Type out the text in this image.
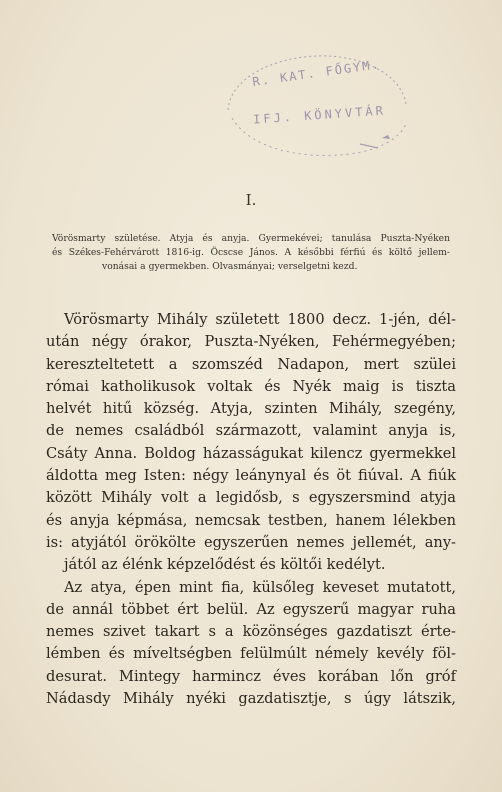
R. KAT. FŐGYM.
IFJ. KÖNYVTÁR
I.
Vörösmarty születése. Atyja és anyja. Gyermekévei; tanulása Puszta-Nyéken
és Székes-Fehérvárott 1816-ig. Öcscse János. A későbbi férfiú és költő jellem-
vonásai a gyermekben. Olvasmányai; verselgetni kezd.
Vörösmarty Mihály született 1800 decz. 1-jén, dél-
után négy órakor, Puszta-Nyéken, Fehérmegyében;
kereszteltetett a szomszéd Nadapon, mert szülei
római katholikusok voltak és Nyék maig is tiszta
helvét hitű község. Atyja, szinten Mihály, szegény,
de nemes családból származott, valamint anyja is,
Csáty Anna. Boldog házasságukat kilencz gyermekkel
áldotta meg Isten: négy leánynyal és öt fiúval. A fiúk
között Mihály volt a legidősb, s egyszersmind atyja
és anyja képmása, nemcsak testben, hanem lélekben
is: atyjától örökölte egyszerűen nemes jellemét, any-
jától az élénk képzelődést és költői kedélyt.
Az atya, épen mint fia, külsőleg keveset mutatott,
de annál többet ért belül. Az egyszerű magyar ruha
nemes szivet takart s a közönséges gazdatiszt érte-
lémben és míveltségben felülmúlt némely kevély föl-
desurat. Mintegy harmincz éves korában lőn gróf
Nádasdy Mihály nyéki gazdatisztje, s úgy látszik,
